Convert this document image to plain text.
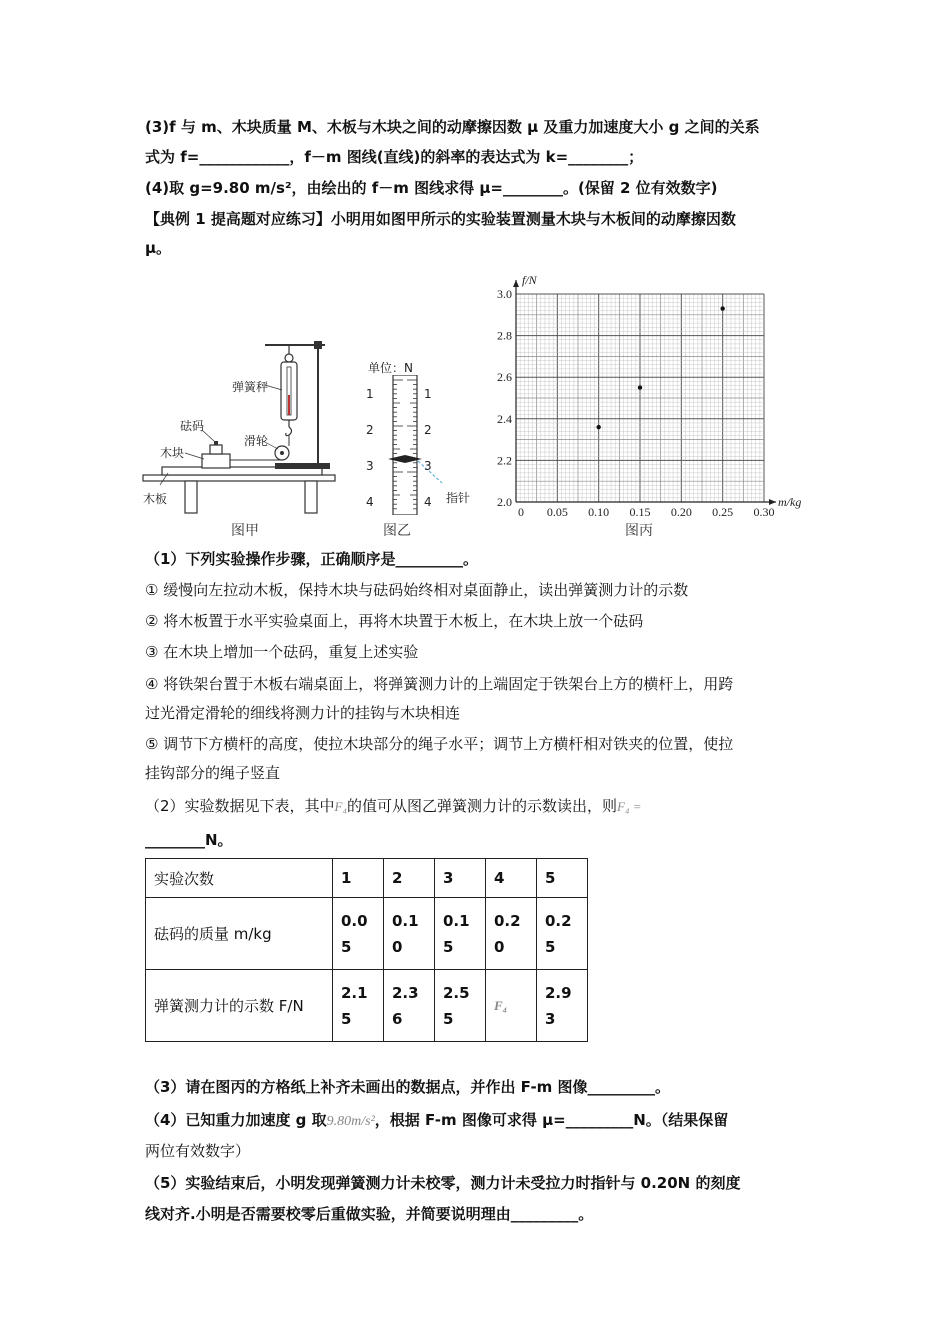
(3)f 与 m、木块质量 M、木板与木块之间的动摩擦因数 μ 及重力加速度大小 g 之间的关系
式为 f=____________，f－m 图线(直线)的斜率的表达式为 k=________；
(4)取 g=9.80 m/s²，由绘出的 f－m 图线求得 μ=________。(保留 2 位有效数字)
【典例 1 提高题对应练习】小明用如图甲所示的实验装置测量木块与木板间的动摩擦因数
μ。
弹簧秤
砝码
滑轮
木块
木板
图甲
单位：N
1
2
3
4
1
2
3
4 指针
图乙
0 0.05 0.10 0.15 0.20 0.25 0.30
2.0
2.2
2.4
2.6
2.8
3.0
m/kg
f/N
图丙
（1）下列实验操作步骤，正确顺序是_________。
① 缓慢向左拉动木板，保持木块与砝码始终相对桌面静止，读出弹簧测力计的示数
② 将木板置于水平实验桌面上，再将木块置于木板上，在木块上放一个砝码
③ 在木块上增加一个砝码，重复上述实验
④ 将铁架台置于木板右端桌面上，将弹簧测力计的上端固定于铁架台上方的横杆上，用跨
过光滑定滑轮的细线将测力计的挂钩与木块相连
⑤ 调节下方横杆的高度，使拉木块部分的绳子水平；调节上方横杆相对铁夹的位置，使拉
挂钩部分的绳子竖直
（2）实验数据见下表，其中F₄的值可从图乙弹簧测力计的示数读出，则F₄ =
________N。
实验次数	1	2	3	4	5
砝码的质量 m/kg	0.05	0.10	0.15	0.20	0.25
弹簧测力计的示数 F/N	2.15	2.36	2.55	F₄	2.93
（3）请在图丙的方格纸上补齐未画出的数据点，并作出 F-m 图像_________。
（4）已知重力加速度 g 取9.80m/s²，根据 F-m 图像可求得 μ=_________N。（结果保留
两位有效数字）
（5）实验结束后，小明发现弹簧测力计未校零，测力计未受拉力时指针与 0.20N 的刻度
线对齐.小明是否需要校零后重做实验，并简要说明理由_________。
